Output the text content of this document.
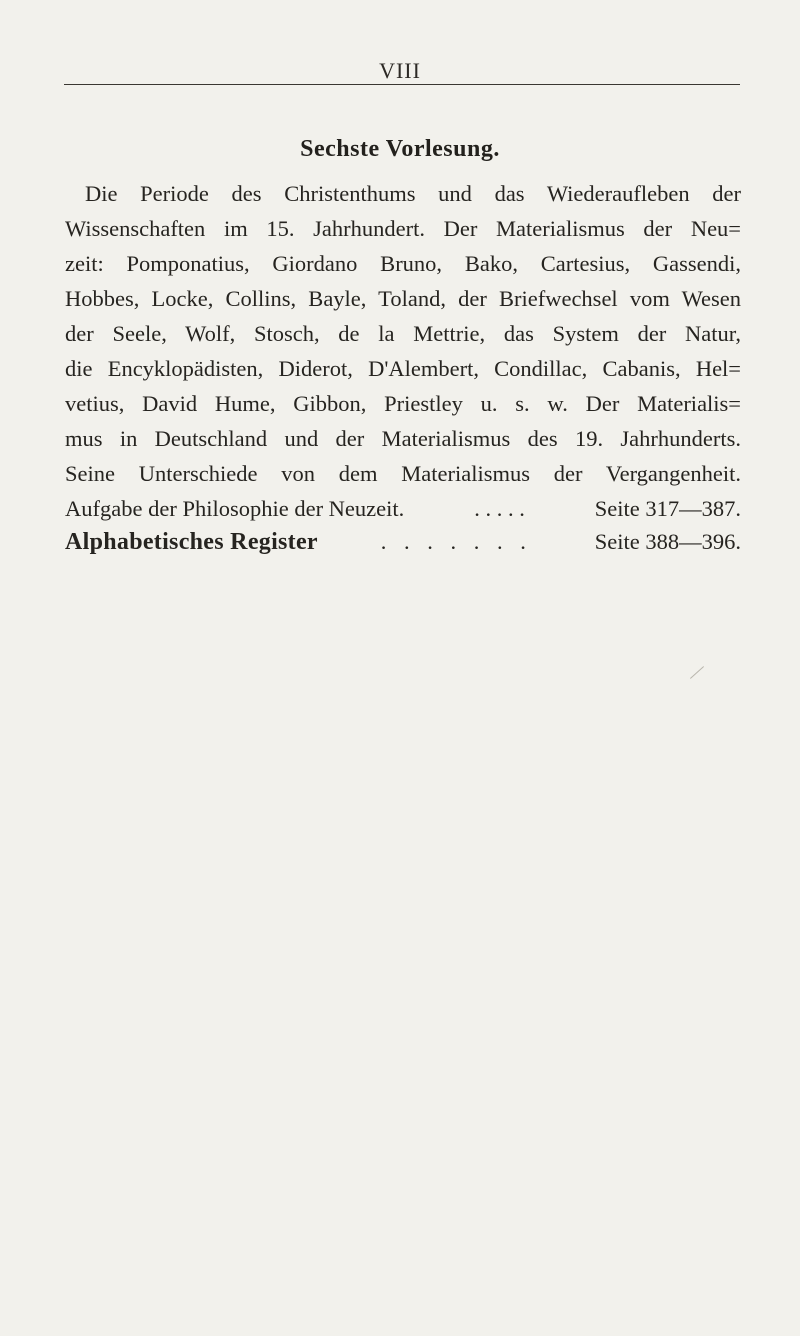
VIII
Sechste Vorlesung.
Die Periode des Christenthums und das Wiederaufleben der
Wissenschaften im 15. Jahrhundert. Der Materialismus der Neu=
zeit: Pomponatius, Giordano Bruno, Bako, Cartesius, Gassendi,
Hobbes, Locke, Collins, Bayle, Toland, der Briefwechsel vom Wesen
der Seele, Wolf, Stosch, de la Mettrie, das System der Natur,
die Encyklopädisten, Diderot, D'Alembert, Condillac, Cabanis, Hel=
vetius, David Hume, Gibbon, Priestley u. s. w. Der Materialis=
mus in Deutschland und der Materialismus des 19. Jahrhunderts.
Seine Unterschiede von dem Materialismus der Vergangenheit.
Aufgabe der Philosophie der Neuzeit.	. . . . .	Seite 317—387.
Alphabetisches Register	. . . . . . .	Seite 388—396.
